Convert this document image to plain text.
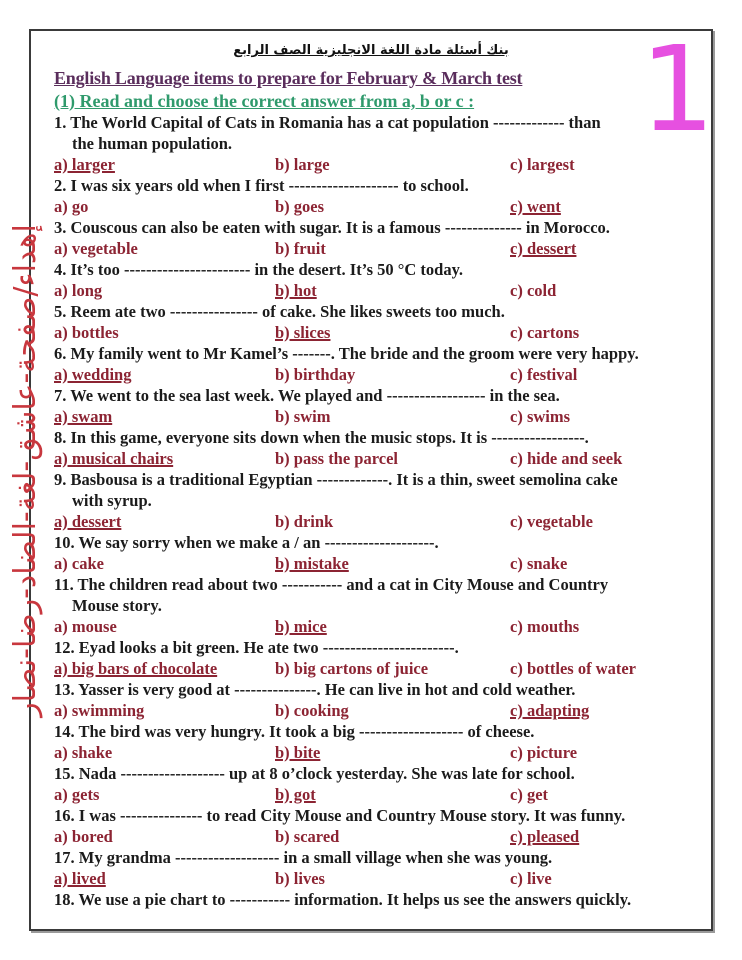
إهداء/صفحة-عاشق-لغة-الضاد-رضا-نصار
1
بنك أسئلة مادة اللغة الانجليزية الصف الرابع
English Language items to prepare for February & March test
(1) Read and choose the correct answer from a, b or c :
1. The World Capital of Cats in Romania has a cat population ------------- than
the human population.
a) larger	b) large	c) largest
2. I was six years old when I first -------------------- to school.
a) go	b) goes	c) went
3. Couscous can also be eaten with sugar. It is a famous -------------- in Morocco.
a) vegetable	b) fruit	c) dessert
4. It’s too ----------------------- in the desert. It’s 50 °C today.
a) long	b) hot	c) cold
5. Reem ate two ---------------- of cake. She likes sweets too much.
a) bottles	b) slices	c) cartons
6. My family went to Mr Kamel’s -------. The bride and the groom were very happy.
a) wedding	b) birthday	c) festival
7. We went to the sea last week. We played and ------------------ in the sea.
a) swam	b) swim	c) swims
8. In this game, everyone sits down when the music stops. It is -----------------.
a) musical chairs	b) pass the parcel	c) hide and seek
9. Basbousa is a traditional Egyptian -------------. It is a thin, sweet semolina cake
with syrup.
a) dessert	b) drink	c) vegetable
10. We say sorry when we make a / an --------------------.
a) cake	b) mistake	c) snake
11. The children read about two ----------- and a cat in City Mouse and Country
Mouse story.
a) mouse	b) mice	c) mouths
12. Eyad looks a bit green. He ate two ------------------------.
a) big bars of chocolate	b) big cartons of juice	c) bottles of water
13. Yasser is very good at ---------------. He can live in hot and cold weather.
a) swimming	b) cooking	c) adapting
14. The bird was very hungry. It took a big ------------------- of cheese.
a) shake	b) bite	c) picture
15. Nada ------------------- up at 8 o’clock yesterday. She was late for school.
a) gets	b) got	c) get
16. I was --------------- to read City Mouse and Country Mouse story. It was funny.
a) bored	b) scared	c) pleased
17. My grandma ------------------- in a small village when she was young.
a) lived	b) lives	c) live
18. We use a pie chart to ----------- information. It helps us see the answers quickly.
